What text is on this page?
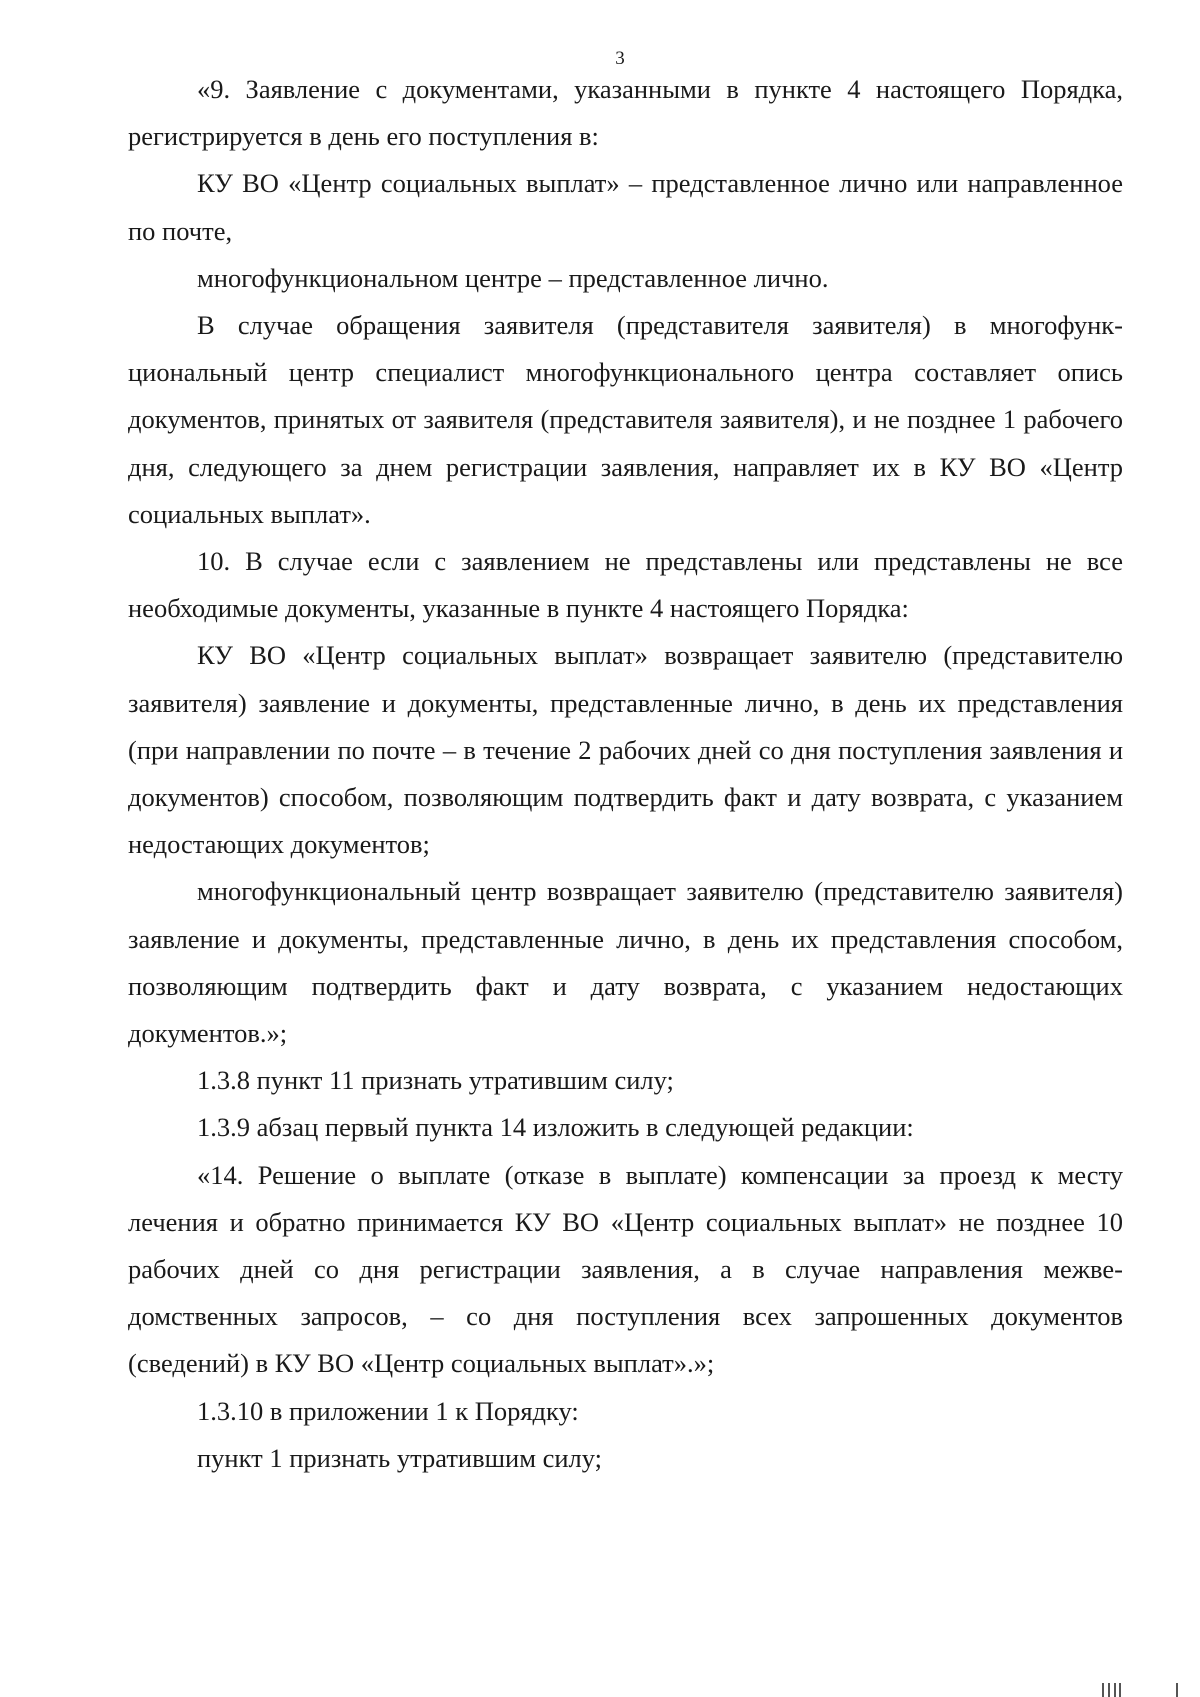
3

«9. Заявление с документами, указанными в пункте 4 настоящего Порядка, регистрируется в день его поступления в:

КУ ВО «Центр социальных выплат» – представленное лично или направленное по почте,

многофункциональном центре – представленное лично.

В случае обращения заявителя (представителя заявителя) в многофункциональный центр специалист многофункционального центра составляет опись документов, принятых от заявителя (представителя заявителя), и не позднее 1 рабочего дня, следующего за днем регистрации заявления, направляет их в КУ ВО «Центр социальных выплат».

10. В случае если с заявлением не представлены или представлены не все необходимые документы, указанные в пункте 4 настоящего Порядка:

КУ ВО «Центр социальных выплат» возвращает заявителю (представителю заявителя) заявление и документы, представленные лично, в день их представления (при направлении по почте – в течение 2 рабочих дней со дня поступления заявления и документов) способом, позволяющим подтвердить факт и дату возврата, с указанием недостающих документов;

многофункциональный центр возвращает заявителю (представителю заявителя) заявление и документы, представленные лично, в день их представления способом, позволяющим подтвердить факт и дату возврата, с указанием недостающих документов.»;

1.3.8 пункт 11 признать утратившим силу;

1.3.9 абзац первый пункта 14 изложить в следующей редакции:

«14. Решение о выплате (отказе в выплате) компенсации за проезд к месту лечения и обратно принимается КУ ВО «Центр социальных выплат» не позднее 10 рабочих дней со дня регистрации заявления, а в случае направления межведомственных запросов, – со дня поступления всех запрошенных документов (сведений) в КУ ВО «Центр социальных выплат».»;

1.3.10 в приложении 1 к Порядку:

пункт 1 признать утратившим силу;
